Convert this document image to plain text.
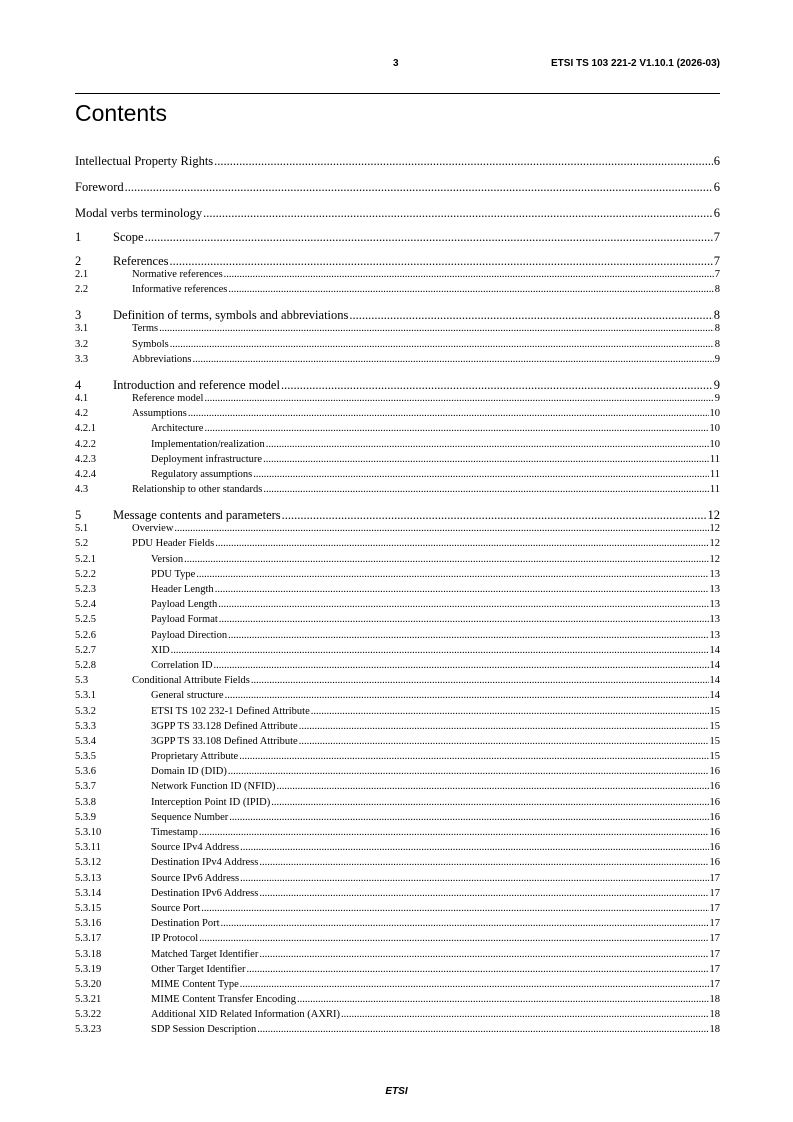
3	ETSI TS 103 221-2 V1.10.1 (2026-03)
Contents
Intellectual Property Rights .....	6
Foreword .....	6
Modal verbs terminology .....	6
1	Scope .....	7
2	References .....	7
2.1	Normative references .....	7
2.2	Informative references .....	8
3	Definition of terms, symbols and abbreviations .....	8
3.1	Terms .....	8
3.2	Symbols .....	8
3.3	Abbreviations .....	9
4	Introduction and reference model .....	9
4.1	Reference model .....	9
4.2	Assumptions .....	10
4.2.1	Architecture .....	10
4.2.2	Implementation/realization .....	10
4.2.3	Deployment infrastructure .....	11
4.2.4	Regulatory assumptions .....	11
4.3	Relationship to other standards .....	11
5	Message contents and parameters .....	12
5.1	Overview .....	12
5.2	PDU Header Fields .....	12
5.2.1	Version .....	12
5.2.2	PDU Type .....	13
5.2.3	Header Length .....	13
5.2.4	Payload Length .....	13
5.2.5	Payload Format .....	13
5.2.6	Payload Direction .....	13
5.2.7	XID .....	14
5.2.8	Correlation ID .....	14
5.3	Conditional Attribute Fields .....	14
5.3.1	General structure .....	14
5.3.2	ETSI TS 102 232-1 Defined Attribute .....	15
5.3.3	3GPP TS 33.128 Defined Attribute .....	15
5.3.4	3GPP TS 33.108 Defined Attribute .....	15
5.3.5	Proprietary Attribute .....	15
5.3.6	Domain ID (DID) .....	16
5.3.7	Network Function ID (NFID) .....	16
5.3.8	Interception Point ID (IPID) .....	16
5.3.9	Sequence Number .....	16
5.3.10	Timestamp .....	16
5.3.11	Source IPv4 Address .....	16
5.3.12	Destination IPv4 Address .....	16
5.3.13	Source IPv6 Address .....	17
5.3.14	Destination IPv6 Address .....	17
5.3.15	Source Port .....	17
5.3.16	Destination Port .....	17
5.3.17	IP Protocol .....	17
5.3.18	Matched Target Identifier .....	17
5.3.19	Other Target Identifier .....	17
5.3.20	MIME Content Type .....	17
5.3.21	MIME Content Transfer Encoding .....	18
5.3.22	Additional XID Related Information (AXRI) .....	18
5.3.23	SDP Session Description .....	18
ETSI
